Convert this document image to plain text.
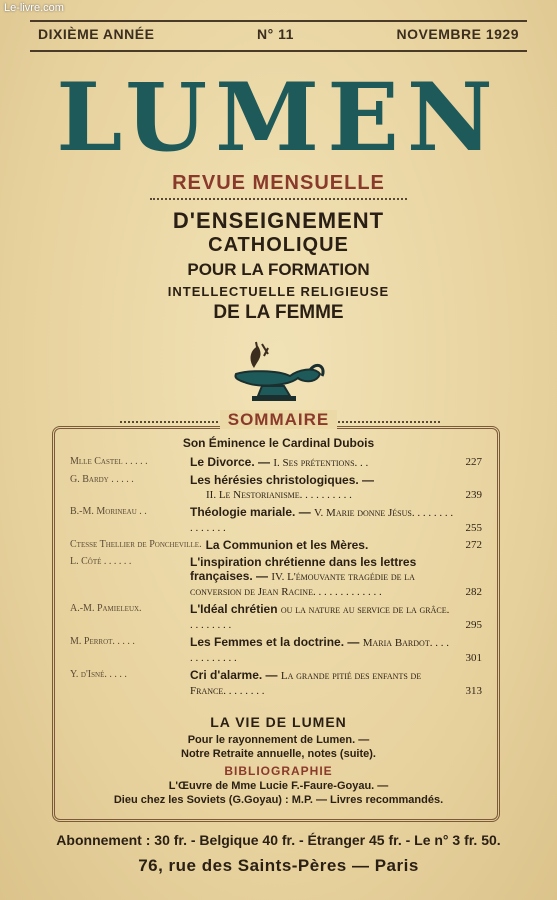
Le-livre.com
DIXIÈME ANNÉE	N° 11	NOVEMBRE 1929
LUMEN
REVUE MENSUELLE
D'ENSEIGNEMENT
CATHOLIQUE
POUR LA FORMATION
INTELLECTUELLE RELIGIEUSE
DE LA FEMME
SOMMAIRE
Son Éminence le Cardinal Dubois
Mlle Castel . . . . .	Le Divorce. — I. Ses prétentions. . .	227
G. Bardy . . . . .	Les hérésies christologiques. —
II. Le Nestorianisme. . . . . . . . . .	239
B.-M. Morineau . .	Théologie mariale. — V. Marie donne Jésus. . . . . . . . . . . . . . .	255
Ctesse Thellier de Poncheville. La Communion et les Mères.	272
L. Côté . . . . . .	L'inspiration chrétienne dans les lettres françaises. — IV. L'émouvante tragédie de la conversion de Jean Racine. . . . . . . . . . . . .	282
A.-M. Pamieleux.	L'Idéal chrétien ou la nature au service de la grâce. . . . . . . . .	295
M. Perrot. . . . .	Les Femmes et la doctrine. — Maria Bardot. . . . . . . . . . . . .	301
Y. d'Isné. . . . .	Cri d'alarme. — La grande pitié des enfants de France. . . . . . . .	313
LA VIE DE LUMEN
Pour le rayonnement de Lumen. —
Notre Retraite annuelle, notes (suite).
BIBLIOGRAPHIE
L'Œuvre de Mme Lucie F.-Faure-Goyau. —
Dieu chez les Soviets (G.Goyau) : M.P. — Livres recommandés.
Abonnement : 30 fr. - Belgique 40 fr. - Étranger 45 fr. - Le n° 3 fr. 50.
76, rue des Saints-Pères — Paris
